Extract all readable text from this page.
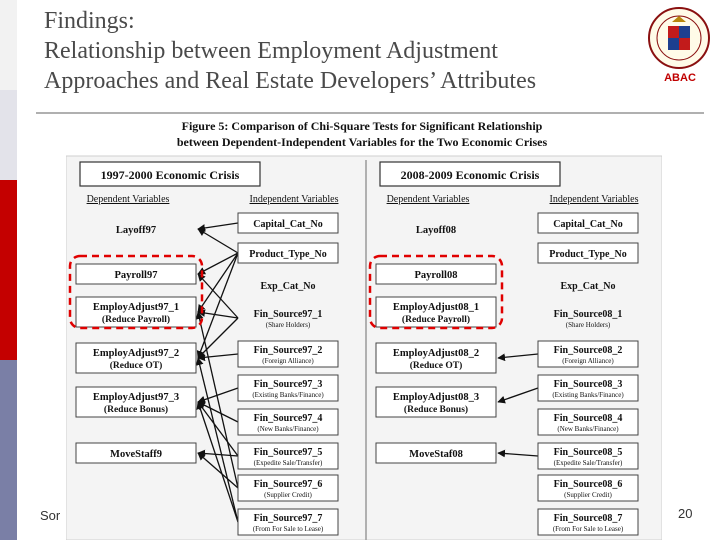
Findings:
Relationship between Employment Adjustment
Approaches and Real Estate Developers’ Attributes	ABAC
Figure 5: Comparison of Chi-Square Tests for Significant Relationship
between Dependent-Independent Variables for the Two Economic Crises
1997-2000 Economic Crisis
Dependent Variables	Independent Variables
Layoff97
Payroll97
EmployAdjust97_1
(Reduce Payroll)
EmployAdjust97_2
(Reduce OT)
EmployAdjust97_3
(Reduce Bonus)
MoveStaff9
Capital_Cat_No
Product_Type_No
Exp_Cat_No
Fin_Source97_1
(Share Holders)
Fin_Source97_2
(Foreign Alliance)
Fin_Source97_3
(Existing Banks/Finance)
Fin_Source97_4
(New Banks/Finance)
Fin_Source97_5
(Expedite Sale/Transfer)
Fin_Source97_6
(Supplier Credit)
Fin_Source97_7
(From For Sale to Lease)
2008-2009 Economic Crisis
Dependent Variables	Independent Variables
Layoff08
Payroll08
EmployAdjust08_1
(Reduce Payroll)
EmployAdjust08_2
(Reduce OT)
EmployAdjust08_3
(Reduce Bonus)
MoveStaf08
Capital_Cat_No
Product_Type_No
Exp_Cat_No
Fin_Source08_1
(Share Holders)
Fin_Source08_2
(Foreign Alliance)
Fin_Source08_3
(Existing Banks/Finance)
Fin_Source08_4
(New Banks/Finance)
Fin_Source08_5
(Expedite Sale/Transfer)
Fin_Source08_6
(Supplier Credit)
Fin_Source08_7
(From For Sale to Lease)
Sor	20
